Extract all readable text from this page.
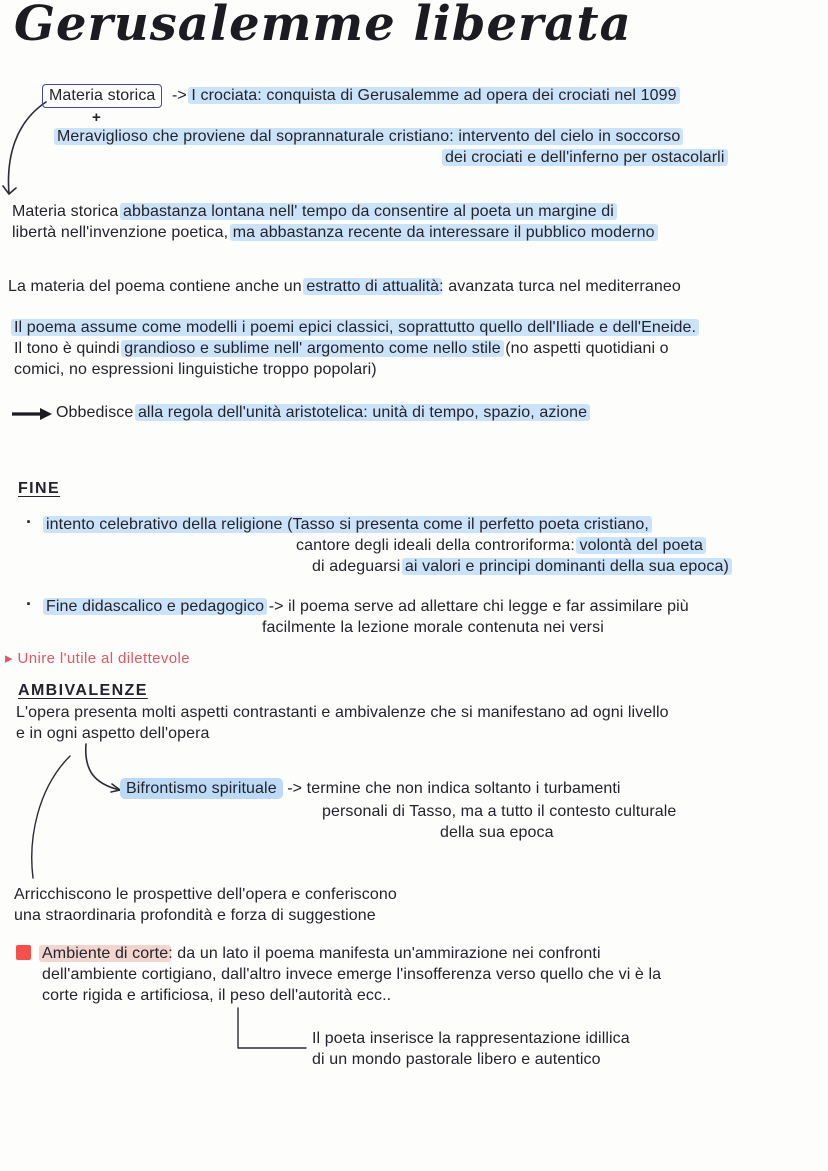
Gerusalemme liberata
Materia storica -> I crociata: conquista di Gerusalemme ad opera dei crociati nel 1099
+
Meraviglioso che proviene dal soprannaturale cristiano: intervento del cielo in soccorso
dei crociati e dell'inferno per ostacolarli
Materia storica abbastanza lontana nell' tempo da consentire al poeta un margine di
libertà nell'invenzione poetica, ma abbastanza recente da interessare il pubblico moderno
La materia del poema contiene anche un estratto di attualità: avanzata turca nel mediterraneo
Il poema assume come modelli i poemi epici classici, soprattutto quello dell'Iliade e dell'Eneide.
Il tono è quindi grandioso e sublime nell' argomento come nello stile (no aspetti quotidiani o
comici, no espressioni linguistiche troppo popolari)
Obbedisce alla regola dell'unità aristotelica: unità di tempo, spazio, azione
FINE
· intento celebrativo della religione (Tasso si presenta come il perfetto poeta cristiano,
cantore degli ideali della controriforma: volontà del poeta
di adeguarsi ai valori e principi dominanti della sua epoca)
· Fine didascalico e pedagogico -> il poema serve ad allettare chi legge e far assimilare più
facilmente la lezione morale contenuta nei versi
▸ Unire l'utile al dilettevole
AMBIVALENZE
L'opera presenta molti aspetti contrastanti e ambivalenze che si manifestano ad ogni livello
e in ogni aspetto dell'opera
Bifrontismo spirituale -> termine che non indica soltanto i turbamenti
personali di Tasso, ma a tutto il contesto culturale
della sua epoca
Arricchiscono le prospettive dell'opera e conferiscono
una straordinaria profondità e forza di suggestione
Ambiente di corte: da un lato il poema manifesta un'ammirazione nei confronti
dell'ambiente cortigiano, dall'altro invece emerge l'insofferenza verso quello che vi è la
corte rigida e artificiosa, il peso dell'autorità ecc..
Il poeta inserisce la rappresentazione idillica
di un mondo pastorale libero e autentico
